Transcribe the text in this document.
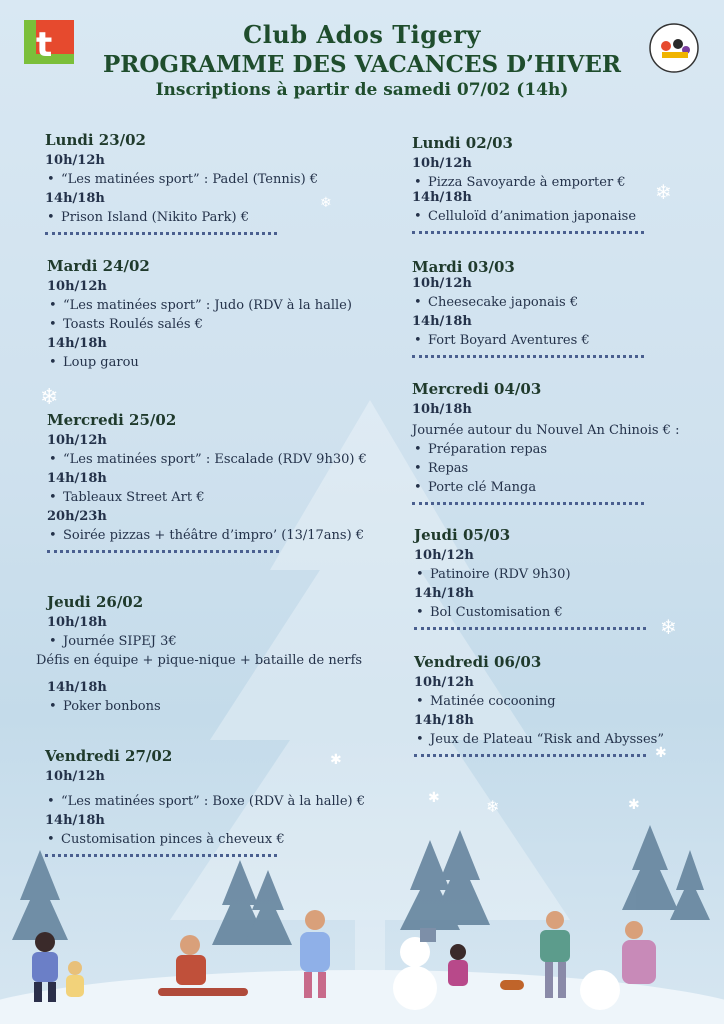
t	Club Ados Tigery
PROGRAMME DES VACANCES D’HIVER
Inscriptions à partir de samedi 07/02 (14h)
Lundi 23/02
10h/12h
• “Les matinées sport” : Padel (Tennis) €
14h/18h
• Prison Island (Nikito Park) €
Mardi 24/02
10h/12h
• “Les matinées sport” : Judo (RDV à la halle)
• Toasts Roulés salés €
14h/18h
• Loup garou
Mercredi 25/02
10h/12h
• “Les matinées sport” : Escalade (RDV 9h30) €
14h/18h
• Tableaux Street Art €
20h/23h
• Soirée pizzas + théâtre d’impro’ (13/17ans) €
Jeudi 26/02
10h/18h
• Journée SIPEJ 3€
Défis en équipe + pique-nique + bataille de nerfs
14h/18h
• Poker bonbons
Vendredi 27/02
10h/12h
• “Les matinées sport” : Boxe (RDV à la halle) €
14h/18h
• Customisation pinces à cheveux €
Lundi 02/03
10h/12h
• Pizza Savoyarde à emporter €
14h/18h
• Celluloïd d’animation japonaise
Mardi 03/03
10h/12h
• Cheesecake japonais €
14h/18h
• Fort Boyard Aventures €
Mercredi 04/03
10h/18h
Journée autour du Nouvel An Chinois € :
• Préparation repas
• Repas
• Porte clé Manga
Jeudi 05/03
10h/12h
• Patinoire (RDV 9h30)
14h/18h
• Bol Customisation €
Vendredi 06/03
10h/12h
• Matinée cocooning
14h/18h
• Jeux de Plateau “Risk and Abysses”
❄
❄
❄
✱
✱	❄	✱
✱
❄
